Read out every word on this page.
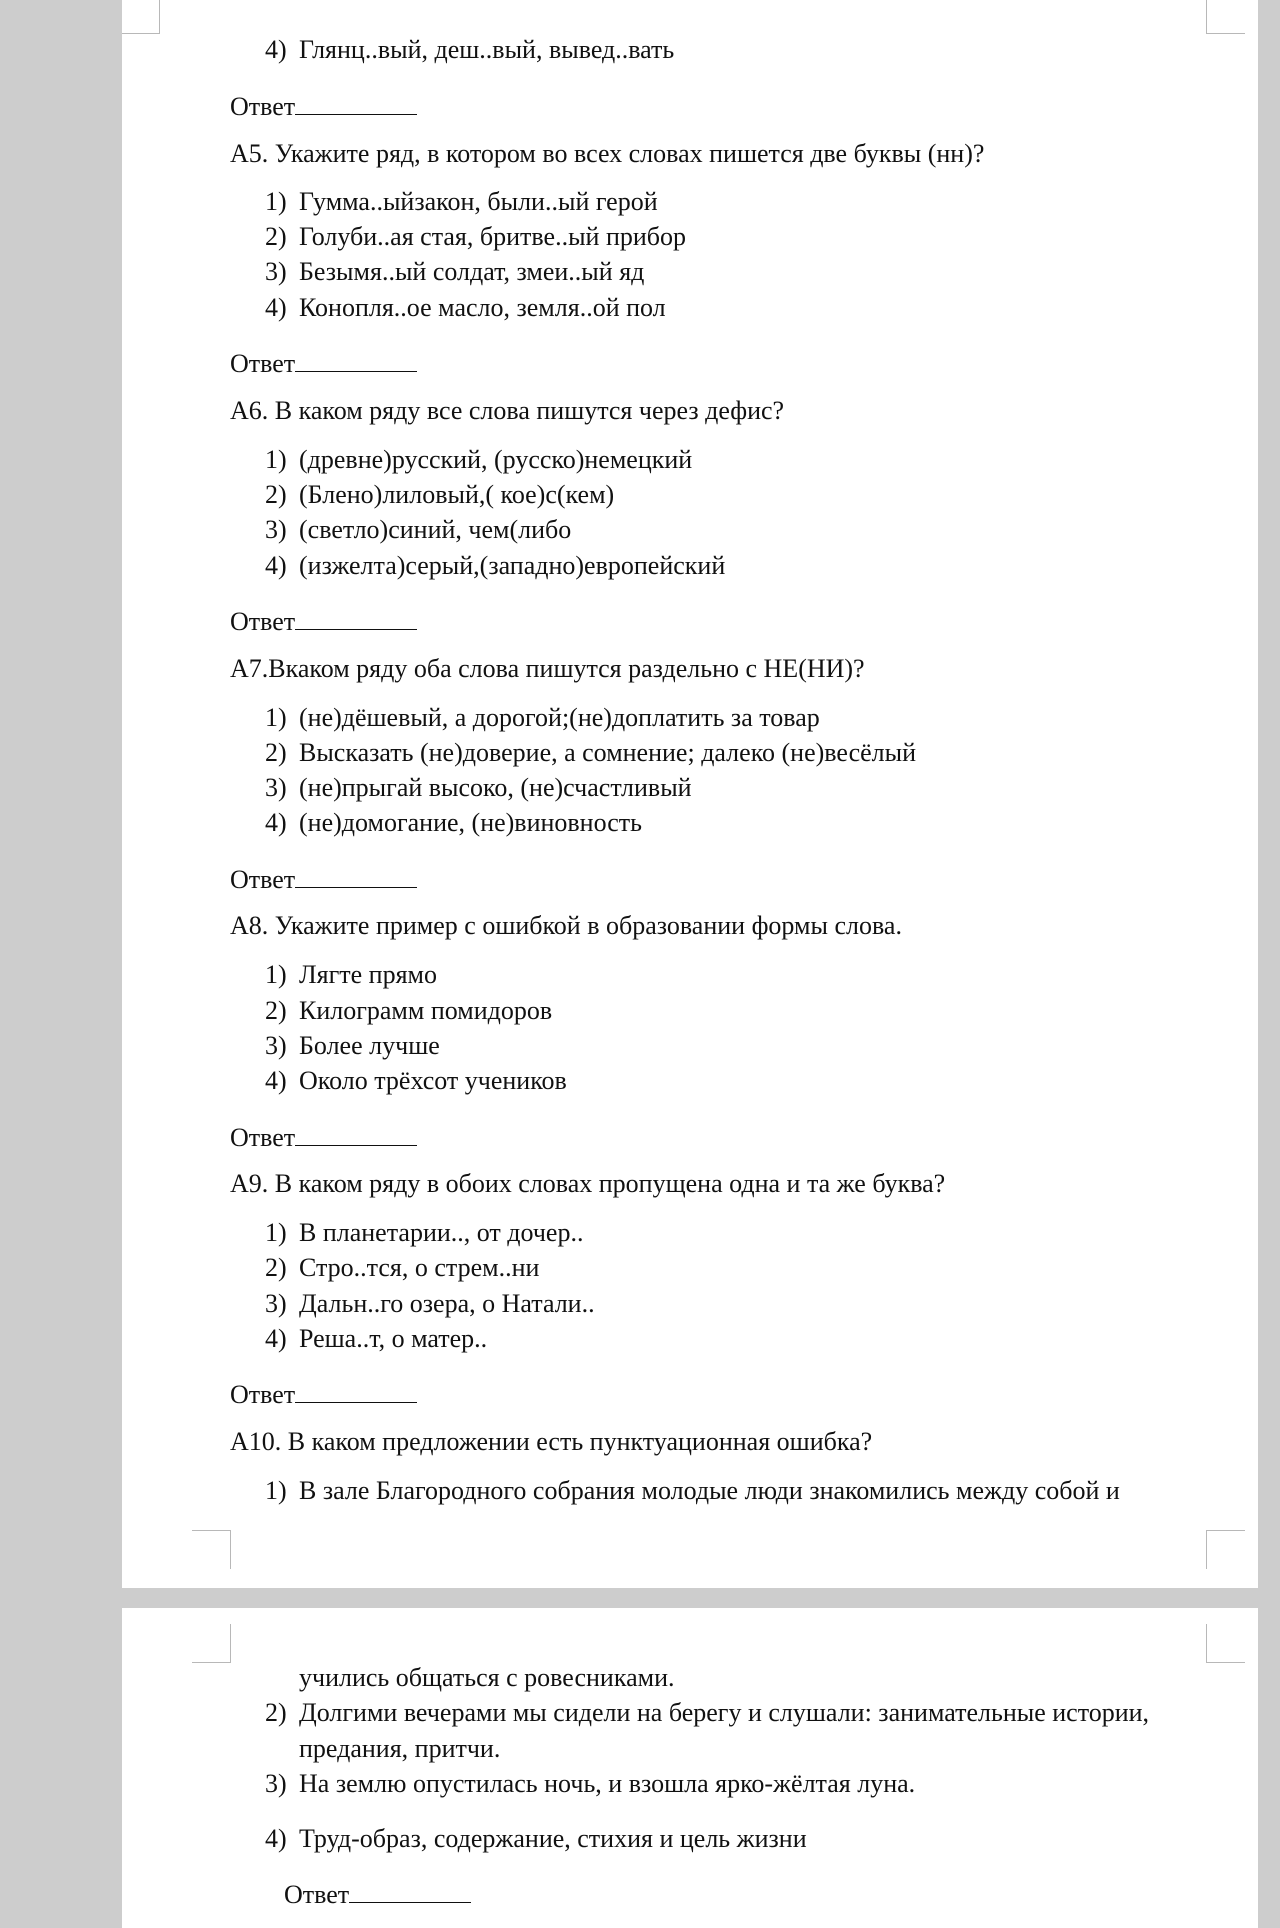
4) Глянц..вый, деш..вый, вывед..вать
Ответ
А5. Укажите ряд, в котором во всех словах пишется две буквы (нн)?
1) Гумма..ыйзакон, были..ый герой
2) Голуби..ая стая, бритве..ый прибор
3) Безымя..ый солдат, змеи..ый яд
4) Конопля..ое масло, земля..ой пол
Ответ
А6. В каком ряду все слова пишутся через дефис?
1) (древне)русский, (русско)немецкий
2) (Блено)лиловый,( кое)с(кем)
3) (светло)синий, чем(либо
4) (изжелта)серый,(западно)европейский
Ответ
А7.Вкаком ряду оба слова пишутся раздельно с НЕ(НИ)?
1) (не)дёшевый, а дорогой;(не)доплатить за товар
2) Высказать (не)доверие, а сомнение; далеко (не)весёлый
3) (не)прыгай высоко, (не)счастливый
4) (не)домогание, (не)виновность
Ответ
А8. Укажите пример с ошибкой в образовании формы слова.
1) Лягте прямо
2) Килограмм помидоров
3) Более лучше
4) Около трёхсот учеников
Ответ
А9. В каком ряду в обоих словах пропущена одна и та же буква?
1) В планетарии.., от дочер..
2) Стро..тся, о стрем..ни
3) Дальн..го озера, о Натали..
4) Реша..т, о матер..
Ответ
А10. В каком предложении есть пунктуационная ошибка?
1) В зале Благородного собрания молодые люди знакомились между собой и
учились общаться с ровесниками.
2) Долгими вечерами мы сидели на берегу и слушали: занимательные истории,
предания, притчи.
3) На землю опустилась ночь, и взошла ярко-жёлтая луна.
4) Труд-образ, содержание, стихия и цель жизни
Ответ
